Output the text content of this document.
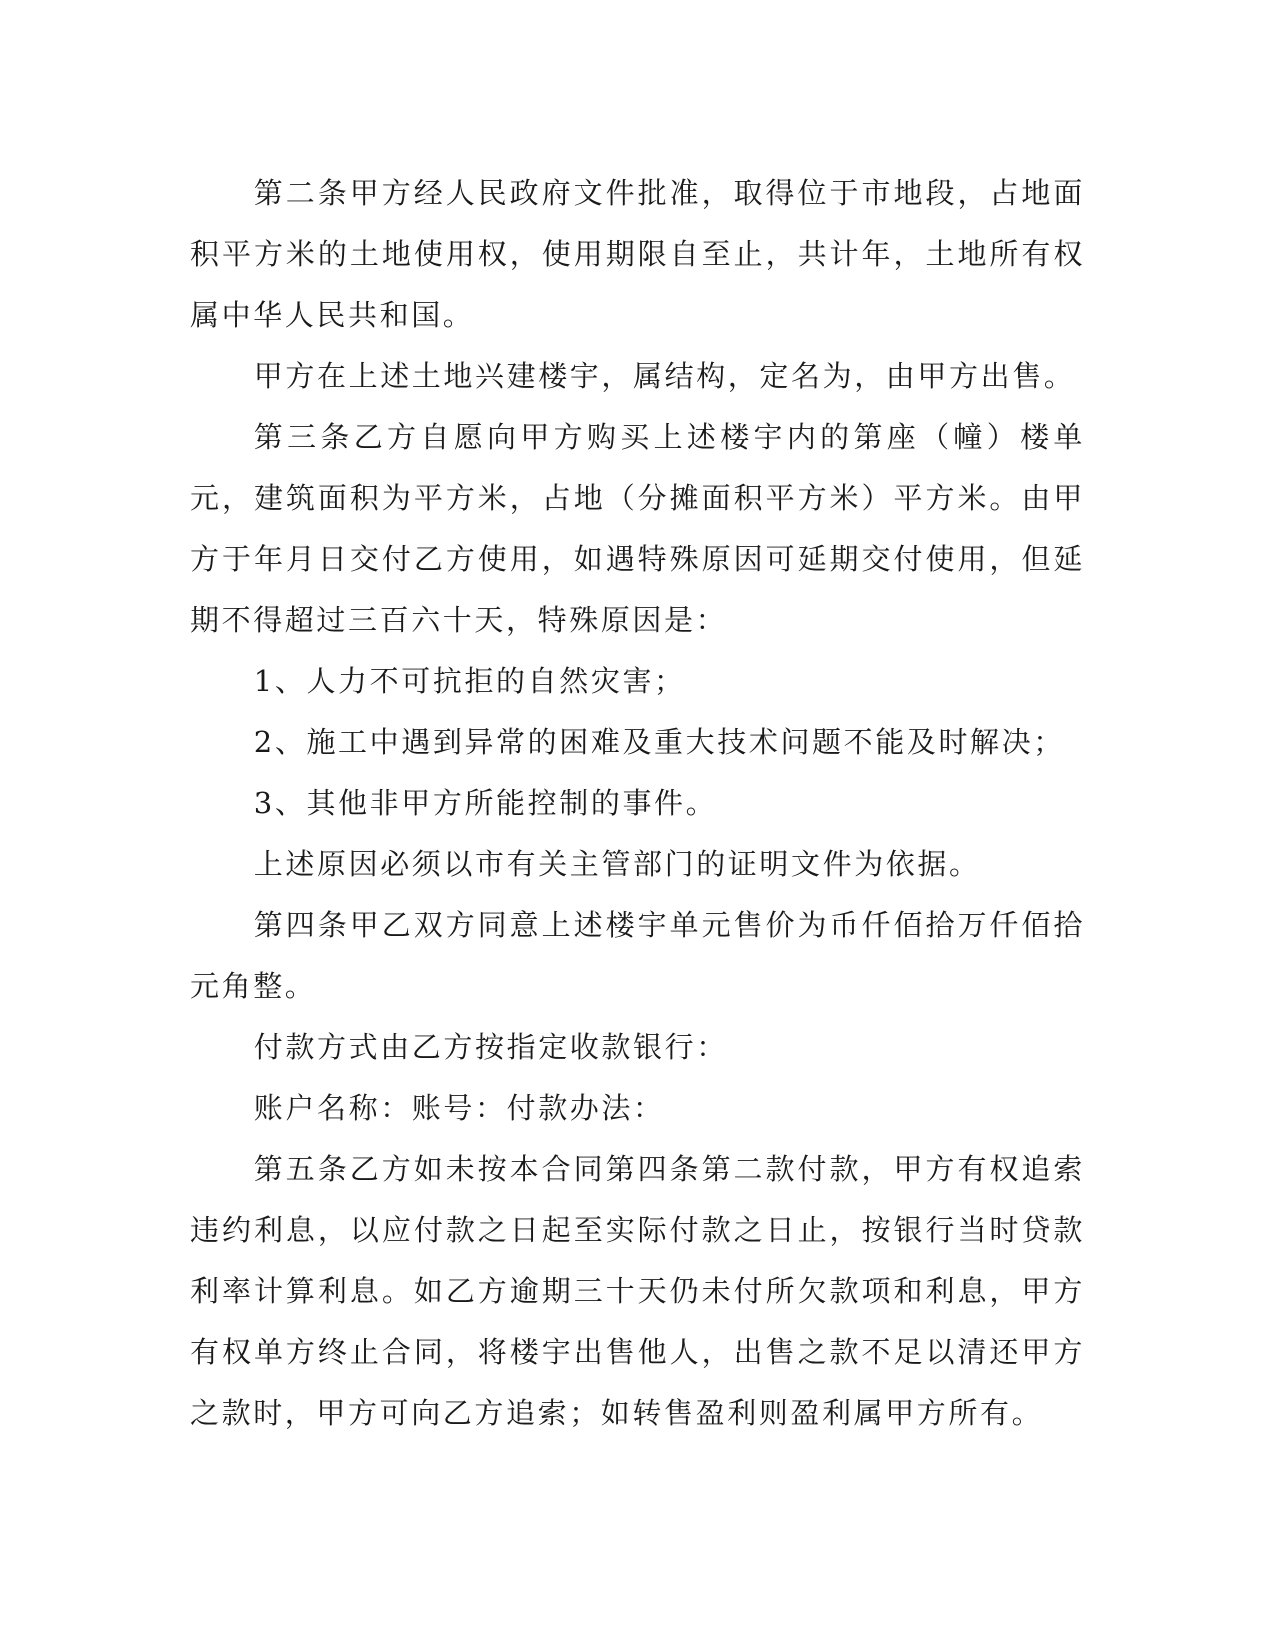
第二条甲方经人民政府文件批准，取得位于市地段，占地面积平方米的土地使用权，使用期限自至止，共计年，土地所有权属中华人民共和国。

甲方在上述土地兴建楼宇，属结构，定名为，由甲方出售。

第三条乙方自愿向甲方购买上述楼宇内的第座（幢）楼单元，建筑面积为平方米，占地（分摊面积平方米）平方米。由甲方于年月日交付乙方使用，如遇特殊原因可延期交付使用，但延期不得超过三百六十天，特殊原因是：

1、人力不可抗拒的自然灾害；

2、施工中遇到异常的困难及重大技术问题不能及时解决；

3、其他非甲方所能控制的事件。

上述原因必须以市有关主管部门的证明文件为依据。

第四条甲乙双方同意上述楼宇单元售价为币仟佰拾万仟佰拾元角整。

付款方式由乙方按指定收款银行：

账户名称：账号：付款办法：

第五条乙方如未按本合同第四条第二款付款，甲方有权追索违约利息，以应付款之日起至实际付款之日止，按银行当时贷款利率计算利息。如乙方逾期三十天仍未付所欠款项和利息，甲方有权单方终止合同，将楼宇出售他人，出售之款不足以清还甲方之款时，甲方可向乙方追索；如转售盈利则盈利属甲方所有。
